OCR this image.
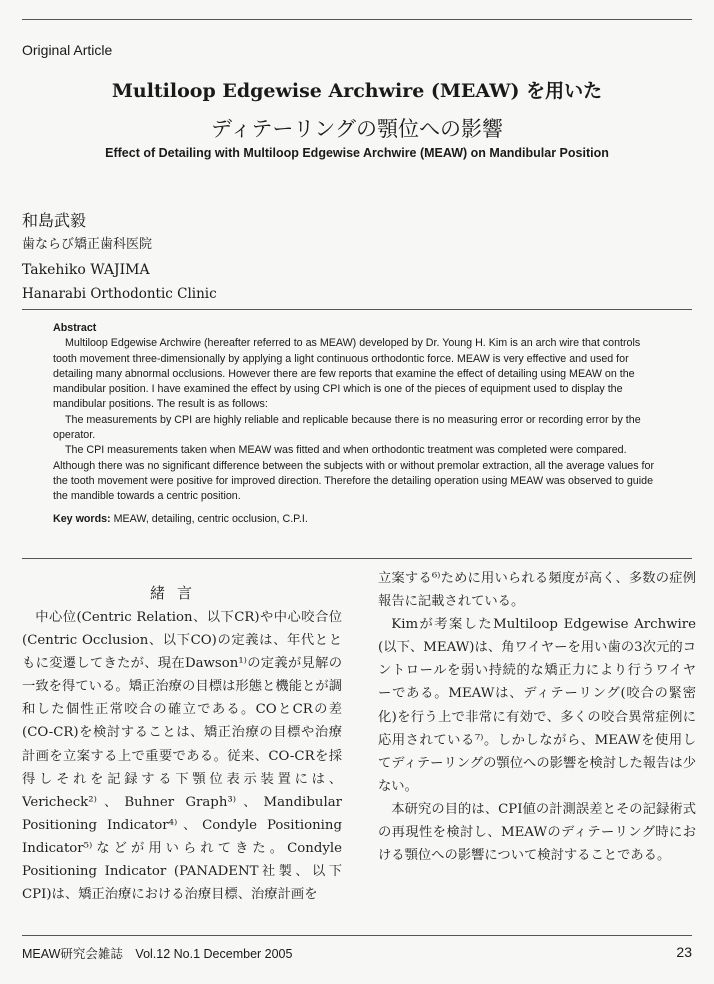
Original Article
Multiloop Edgewise Archwire (MEAW) を用いた
ディテーリングの顎位への影響
Effect of Detailing with Multiloop Edgewise Archwire (MEAW) on Mandibular Position
和島武毅
歯ならび矯正歯科医院
Takehiko WAJIMA
Hanarabi Orthodontic Clinic
Abstract

Multiloop Edgewise Archwire (hereafter referred to as MEAW) developed by Dr. Young H. Kim is an arch wire that controls tooth movement three-dimensionally by applying a light continuous orthodontic force. MEAW is very effective and used for detailing many abnormal occlusions. However there are few reports that examine the effect of detailing using MEAW on the mandibular position. I have examined the effect by using CPI which is one of the pieces of equipment used to display the mandibular positions. The result is as follows:

The measurements by CPI are highly reliable and replicable because there is no measuring error or recording error by the operator.

The CPI measurements taken when MEAW was fitted and when orthodontic treatment was completed were compared. Although there was no significant difference between the subjects with or without premolar extraction, all the average values for the tooth movement were positive for improved direction. Therefore the detailing operation using MEAW was observed to guide the mandible towards a centric position.

Key words: MEAW, detailing, centric occlusion, C.P.I.

緒言

中心位(Centric Relation、以下CR)や中心咬合位(Centric Occlusion、以下CO)の定義は、年代とともに変遷してきたが、現在Dawson¹⁾の定義が見解の一致を得ている。矯正治療の目標は形態と機能とが調和した個性正常咬合の確立である。COとCRの差(CO-CR)を検討することは、矯正治療の目標や治療計画を立案する上で重要である。従来、CO-CRを採得しそれを記録する下顎位表示装置には、Vericheck²⁾、Buhner Graph³⁾、Mandibular Positioning Indicator⁴⁾、Condyle Positioning Indicator⁵⁾などが用いられてきた。Condyle Positioning Indicator (PANADENT社製、以下CPI)は、矯正治療における治療目標、治療計画を

立案する⁶⁾ために用いられる頻度が高く、多数の症例報告に記載されている。

Kimが考案したMultiloop Edgewise Archwire (以下、MEAW)は、角ワイヤーを用い歯の3次元的コントロールを弱い持続的な矯正力により行うワイヤーである。MEAWは、ディテーリング(咬合の緊密化)を行う上で非常に有効で、多くの咬合異常症例に応用されている⁷⁾。しかしながら、MEAWを使用してディテーリングの顎位への影響を検討した報告は少ない。

本研究の目的は、CPI値の計測誤差とその記録術式の再現性を検討し、MEAWのディテーリング時における顎位への影響について検討することである。

MEAW研究会雑誌　Vol.12 No.1 December 2005	23
